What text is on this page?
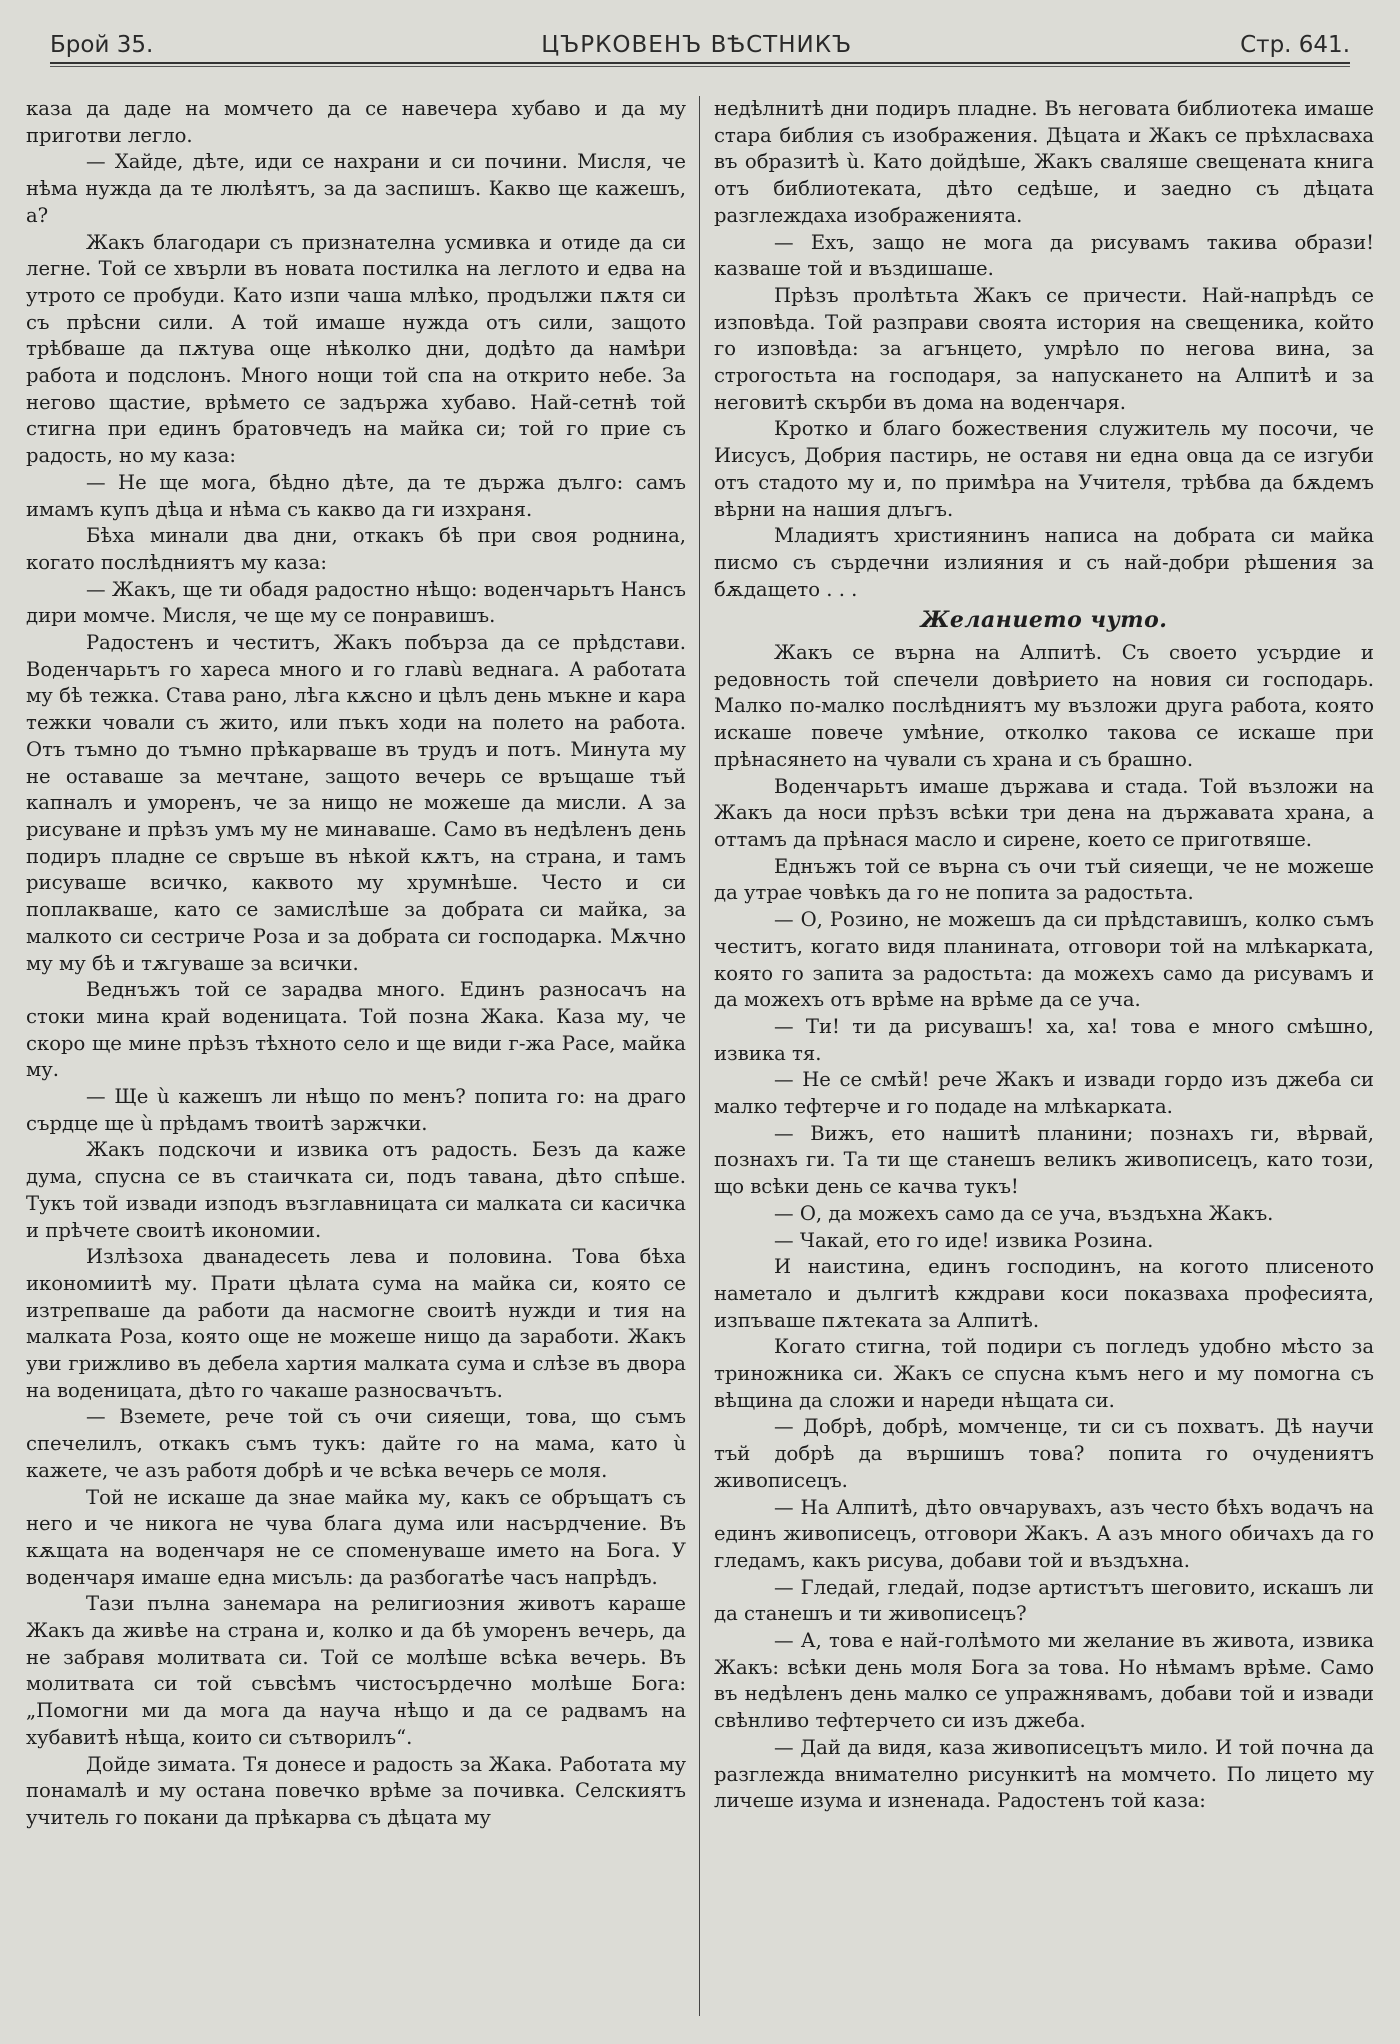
Брой 35.	ЦЪРКОВЕНЪ ВѢСТНИКЪ	Стр. 641.

каза да даде на момчето да се навечера хубаво и да му приготви легло.

— Хайде, дѣте, иди се нахрани и си почини. Мисля, че нѣма нужда да те люлѣятъ, за да заспишъ. Какво ще кажешъ, а?

Жакъ благодари съ признателна усмивка и отиде да си легне. Той се хвърли въ новата постилка на леглото и едва на утрото се пробуди. Като изпи чаша млѣко, продължи пѫтя си съ прѣсни сили. А той имаше нужда отъ сили, защото трѣбваше да пѫтува още нѣколко дни, додѣто да намѣри работа и подслонъ. Много нощи той спа на открито небе. За негово щастие, врѣмето се задържа хубаво. Най-сетнѣ той стигна при единъ братовчедъ на майка си; той го прие съ радость, но му каза:

— Не ще мога, бѣдно дѣте, да те държа дълго: самъ имамъ купъ дѣца и нѣма съ какво да ги изхраня.

Бѣха минали два дни, откакъ бѣ при своя роднина, когато послѣдниятъ му каза:

— Жакъ, ще ти обадя радостно нѣщо: воденчарьтъ Нансъ дири момче. Мисля, че ще му се понравишъ.

Радостенъ и честитъ, Жакъ побърза да се прѣдстави. Воденчарьтъ го хареса много и го главù веднага. А работата му бѣ тежка. Става рано, лѣга кѫсно и цѣлъ день мъкне и кара тежки човали съ жито, или пъкъ ходи на полето на работа. Отъ тъмно до тъмно прѣкарваше въ трудъ и потъ. Минута му не оставаше за мечтане, защото вечерь се връщаше тъй капналъ и уморенъ, че за нищо не можеше да мисли. А за рисуване и прѣзъ умъ му не минаваше. Само въ недѣленъ день подиръ пладне се свръше въ нѣкой кѫтъ, на страна, и тамъ рисуваше всичко, каквото му хрумнѣше. Често и си поплакваше, като се замислѣше за добрата си майка, за малкото си сестриче Роза и за добрата си господарка. Мѫчно му му бѣ и тѫгуваше за всички.

Веднъжъ той се зарадва много. Единъ разносачъ на стоки мина край воденицата. Той позна Жака. Каза му, че скоро ще мине прѣзъ тѣхното село и ще види г-жа Расе, майка му.

— Ще ù кажешъ ли нѣщо по менъ? попита го: на драго сърдце ще ù прѣдамъ твоитѣ заржчки.

Жакъ подскочи и извика отъ радость. Безъ да каже дума, спусна се въ стаичката си, подъ тавана, дѣто спѣше. Тукъ той извади изподъ възглавницата си малката си касичка и прѣчете своитѣ икономии.

Излѣзоха дванадесеть лева и половина. Това бѣха икономиитѣ му. Прати цѣлата сума на майка си, която се изтрепваше да работи да насмогне своитѣ нужди и тия на малката Роза, която още не можеше нищо да заработи. Жакъ уви грижливо въ дебела хартия малката сума и слѣзе въ двора на воденицата, дѣто го чакаше разносвачътъ.

— Вземете, рече той съ очи сияещи, това, що съмъ спечелилъ, откакъ съмъ тукъ: дайте го на мама, като ù кажете, че азъ работя добрѣ и че всѣка вечерь се моля.

Той не искаше да знае майка му, какъ се обръщатъ съ него и че никога не чува блага дума или насърдчение. Въ кѫщата на воденчаря не се споменуваше името на Бога. У воденчаря имаше една мисъль: да разбогатѣе часъ напрѣдъ.

Тази пълна занемара на религиозния животъ караше Жакъ да живѣе на страна и, колко и да бѣ уморенъ вечерь, да не забравя молитвата си. Той се молѣше всѣка вечерь. Въ молитвата си той съвсѣмъ чистосърдечно молѣше Бога: „Помогни ми да мога да науча нѣщо и да се радвамъ на хубавитѣ нѣща, които си сътворилъ“.

Дойде зимата. Тя донесе и радость за Жака. Работата му понамалѣ и му остана повечко врѣме за почивка. Селскиятъ учитель го покани да прѣкарва съ дѣцата му

недѣлнитѣ дни подиръ пладне. Въ неговата библиотека имаше стара библия съ изображения. Дѣцата и Жакъ се прѣхласваха въ образитѣ ù. Като дойдѣше, Жакъ сваляше свещената книга отъ библиотеката, дѣто седѣше, и заедно съ дѣцата разглеждаха изображенията.

— Ехъ, защо не мога да рисувамъ такива образи! казваше той и въздишаше.

Прѣзъ пролѣтьта Жакъ се причести. Най-напрѣдъ се изповѣда. Той разправи своята история на свещеника, който го изповѣда: за агънцето, умрѣло по негова вина, за строгостьта на господаря, за напускането на Алпитѣ и за неговитѣ скърби въ дома на воденчаря.

Кротко и благо божествения служитель му посочи, че Иисусъ, Добрия пастирь, не оставя ни една овца да се изгуби отъ стадото му и, по примѣра на Учителя, трѣбва да бѫдемъ вѣрни на нашия длъгъ.

Младиятъ християнинъ написа на добрата си майка писмо съ сърдечни излияния и съ най-добри рѣшения за бѫдащето . . .

Желанието чуто.

Жакъ се върна на Алпитѣ. Съ своето усърдие и редовность той спечели довѣрието на новия си господарь. Малко по-малко послѣдниятъ му възложи друга работа, която искаше повече умѣние, отколко такова се искаше при прѣнасянето на чували съ храна и съ брашно.

Воденчарьтъ имаше държава и стада. Той възложи на Жакъ да носи прѣзъ всѣки три дена на държавата храна, а оттамъ да прѣнася масло и сирене, което се приготвяше.

Еднъжъ той се върна съ очи тъй сияещи, че не можеше да утрае човѣкъ да го не попита за радостьта.

— О, Розино, не можешъ да си прѣдставишъ, колко съмъ честитъ, когато видя планината, отговори той на млѣкарката, която го запита за радостьта: да можехъ само да рисувамъ и да можехъ отъ врѣме на врѣме да се уча.

— Ти! ти да рисувашъ! ха, ха! това е много смѣшно, извика тя.

— Не се смѣй! рече Жакъ и извади гордо изъ джеба си малко тефтерче и го подаде на млѣкарката.

— Вижъ, ето нашитѣ планини; познахъ ги, вѣрвай, познахъ ги. Та ти ще станешъ великъ живописецъ, като този, що всѣки день се качва тукъ!

— О, да можехъ само да се уча, въздъхна Жакъ.

— Чакай, ето го иде! извика Розина.

И наистина, единъ господинъ, на когото плисеното наметало и дългитѣ кждрави коси показваха професията, изпъваше пѫтеката за Алпитѣ.

Когато стигна, той подири съ погледъ удобно мѣсто за триножника си. Жакъ се спусна къмъ него и му помогна съ вѣщина да сложи и нареди нѣщата си.

— Добрѣ, добрѣ, момченце, ти си съ похватъ. Дѣ научи тъй добрѣ да вършишъ това? попита го очудениятъ живописецъ.

— На Алпитѣ, дѣто овчарувахъ, азъ често бѣхъ водачъ на единъ живописецъ, отговори Жакъ. А азъ много обичахъ да го гледамъ, какъ рисува, добави той и въздъхна.

— Гледай, гледай, подзе артистътъ шеговито, искашъ ли да станешъ и ти живописецъ?

— А, това е най-голѣмото ми желание въ живота, извика Жакъ: всѣки день моля Бога за това. Но нѣмамъ врѣме. Само въ недѣленъ день малко се упражнявамъ, добави той и извади свѣнливо тефтерчето си изъ джеба.

— Дай да видя, каза живописецътъ мило. И той почна да разглежда внимателно рисункитѣ на момчето. По лицето му личеше изума и изненада. Радостенъ той каза:
